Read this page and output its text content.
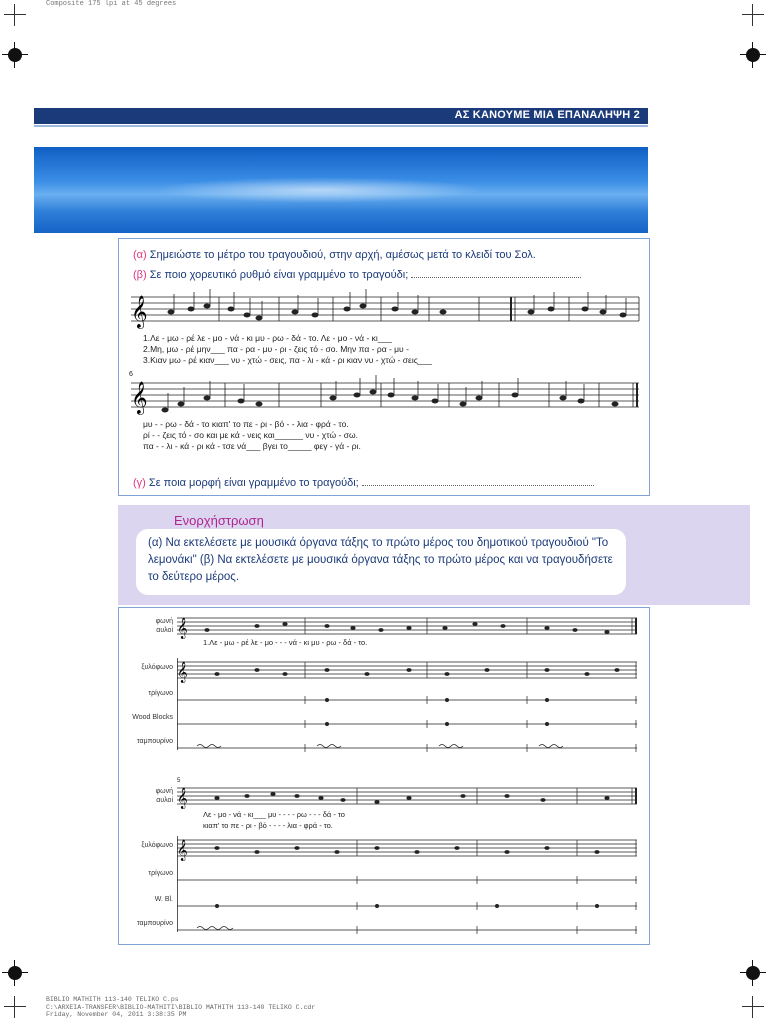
Composite 175 lpi at 45 degrees
ΑΣ ΚΑΝΟΥΜΕ ΜΙΑ ΕΠΑΝΑΛΗΨΗ 2
(α) Σημειώστε το μέτρο του τραγουδιού, στην αρχή, αμέσως μετά το κλειδί του Σολ.
(β) Σε ποιο χορευτικό ρυθμό είναι γραμμένο το τραγούδι;
𝄞
1.Λε - μω - ρέ λε - μο - νά - κι μυ - ρω - δά - το. Λε - μο - νά - κι___
2.Μη, μω - ρέ μην___ πα - ρα - μυ - ρι - ζεις τό - σο. Μην πα - ρα - μυ -
3.Κιαν μω - ρέ κιαν___ νυ - χτώ - σεις, πα - λι - κά - ρι κιαν νυ - χτώ - σεις___
6
𝄞
μυ - - ρω - δά - το κιαπ' το πε - ρι - βό - - λια - φρά - το.
ρί - - ζεις τό - σο και με κά - νεις και______ νυ - χτώ - σω.
πα - - λι - κά - ρι κά - τσε νά___ βγει το_____ φεγ - γά - ρι.
(γ) Σε ποια μορφή είναι γραμμένο το τραγούδι;
Ενορχήστρωση
(α) Να εκτελέσετε με μουσικά όργανα τάξης το πρώτο μέρος του δημοτικού τραγουδιού "Το λεμονάκι" (β) Να εκτελέσετε με μουσικά όργανα τάξης το πρώτο μέρος και να τραγουδήσετε το δεύτερο μέρος.
φωνή
αυλοί 𝄞
1.Λε - μω - ρέ λε - μο - - - νά - κι μυ - ρω - δά - το.
ξυλόφωνο
τρίγωνο
Wood Blocks
ταμπουρίνο
𝄞
5
φωνή
αυλοί 𝄞
Λε - μο - νά - κι___ μυ - - - - ρω - - - δά - το
κιαπ' το πε - ρι - βό - - - - λια - φρά - το.
ξυλόφωνο
τρίγωνο
W. Bl.
ταμπουρίνο
𝄞
BIBLIO MATHITH 113-140 TELIKO C.ps
C:\ARXEIA-TRANSFER\BIBLIO-MATHITI\BIBLIO MATHITH 113-140 TELIKO C.cdr
Friday, November 04, 2011 3:38:35 PM
